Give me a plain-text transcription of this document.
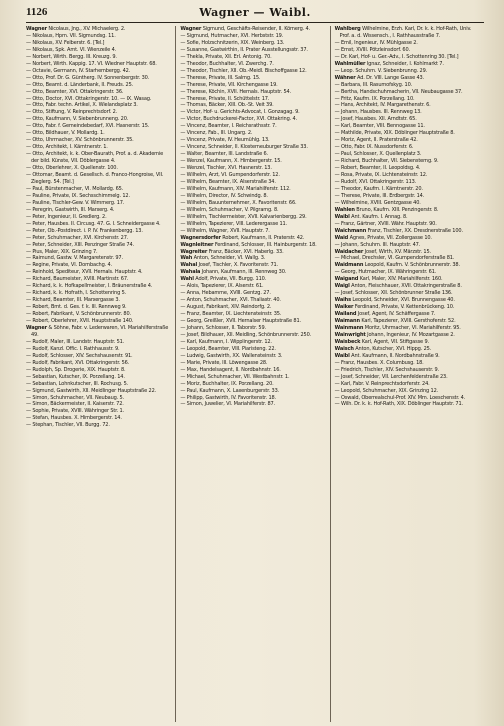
1126	Wagner — Waibl.

Wagner Nicolaus, Jng., XV. Michaelerg. 2.

— Nikolaus, Hpm. VII. Sigmundsg. 11.

— Nikolaus, XV. Felberstr. 6. [Tel.]

— Nikolaus, Spk. Amt. VI. Wienzeile 4.

— Norbert, Wirth. Bergg. III. Kreuzg. 9.

— Norbert, Wirth. Kappig. 17. VI. Wiedner Hauptstr. 68.

— Octavie, Germann, IV. Starhembergg. 42.

— Otto, Prof. Dr. G. Güntherg. IV. Sonnenbergstr. 30.

— Otto, Beamt. d. Länderbank, II. Freuds. 25.

— Otto, Beamter, XVI. Ottakringerstr. 36.

— Otto, Doctor, XVI. Ottakringerstr. 10. — IX. Wasag.

— Otto, Fabr. techn. Artikel, X. Wielandsplatz 3.

— Otto, Stiftung, V. Reinprechtsdorf. 2.

— Otto, Kaufmann, V. Siebenbrunneng. 20.

— Otto, Fabr. f. Gemeindebedarf, XVI. Hasnerstr. 15.

— Otto, Bildhauer, V. Mollardg. 1.

— Otto, Uhrmacher, XV. Schönbrunnerstr. 35.

— Otto, Architekt, I. Kärntnerstr. 1.

— Otto, Architekt, k. k. Ober-Baurath, Prof. a. d. Akademie der bild. Künste, VII. Döblergasse 4.

— Otto, Oberlehrer, X. Quellenstr. 100.

— Ottomar, Beamt. d. Gesellsch. d. Franco-Hongroise, VII. Zieglerg. 54. [Tel.]

— Paul, Bürstenmacher, VI. Mollardg. 65.

— Pauline, Private, IX. Sechsschimmelg. 12.

— Pauline, Tischler-Gew. V. Wimmerg. 17.

— Peregrin, Gastwirth, III. Marxerg. 4.

— Peter, Ingenieur, II. Gredlerg. 2.

— Peter, Hausbes. II. Circusg. 47. G. I. Schneidergasse 4.

— Peter, Ob.-Postdirect. i. P. IV. Frankenbergg. 13.

— Peter, Schuhmacher, XVI. Kirchenstr. 27.

— Peter, Schneider, XIII. Penzinger Straße 74.

— Pius, Maler, XIX. Grinzing 7.

— Raimund, Gastw. V. Margaretenstr. 97.

— Regine, Private, VI. Dornbachg. 4.

— Reinhold, Spediteur, XVII. Hernals. Hauptstr. 4.

— Richard, Baumeister, XVIII. Martinstr. 67.

— Richard, k. k. Hofkapellmeister, I. Bräunerstraße 4.

— Richard, k. k. Hofrath, I. Schottenring 5.

— Richard, Beamter, III. Marxergasse 3.

— Robert, Bmt. d. Ges. f. k. III. Rennweg 9.

— Robert, Fabrikant, V. Schönbrunnerstr. 80.

— Robert, Oberlehrer, XVII. Hauptstraße 140.

Wagner & Söhne, Fabr. v. Lederwaren, VI. Mariahilferstraße 49.

— Rudolf, Maler, III. Landstr. Hauptstr. 51.

— Rudolf, Kanzl. Offic. I. Rathhausstr. 9.

— Rudolf, Schlosser, XIV. Sechshauserstr. 91.

— Rudolf, Fabrikant, XVI. Ottakringerstr. 56.

— Rudolph, Sp. Drogerie, XIX. Hauptstr. 8.

— Sebastian, Kutscher, IX. Porzellang. 14.

— Sebastian, Lohnkutscher, III. Rochusg. 5.

— Sigmund, Gastwirth, XII. Meidlinger Hauptstraße 22.

— Simon, Schuhmacher, VII. Neubaug. 5.

— Simon, Bäckermeister, II. Kaiserstr. 72.

— Sophie, Private, XVIII. Währinger Str. 1.

— Stefan, Hausbes. X. Himbergerstr. 14.

— Stephan, Tischler, VII. Burgg. 72.

Wagner Sigmund, Geschäfts-Reisender, II. Körnerg. 4.

— Sigmund, Hutmacher, XVI. Herbststr. 19.

— Sofie, Holzschnitzerin, XIX. Weinberg. 13.

— Susanne, Gastwirthin, II. Prater Ausstellungsstr. 37.

— Thekla, Private, XII. Erl. Antonig. 70.

— Theodor, Buchhalter, VI. Zwerchg. 7.

— Theodor, Tischler, XII. Ob.-Meidl. Bischoffgasse 12.

— Therese, Private, III. Salmg. 15.

— Therese, Private, VII. Kirchengasse 19.

— Therese, Köchin, XVII. Hernals. Hauptstr. 54.

— Therese, Private, II. Schüttelstr. 17.

— Thomas, Bäcker, XIII. Ob.-St. Veit 39.

— Victor, Hof- u. Gerichts-Advocat, I. Gonzagag. 9.

— Victor, Buchdruckerei-Factor, XVI. Ottakring. 4.

— Vincenz, Beamter, I. Reichsrathsstr. 7.

— Vincenz, Fab., III. Ungarg. 2.

— Vincenz, Private, IV. Heumühlg. 13.

— Vincenz, Schneider, II. Klosterneuburger Straße 33.

— Walter, Beamter, III. Landstraße 6.

— Wenzel, Kaufmann, X. Himbergerstr. 15.

— Wenzel, Tischler, XVI. Hasnerstr. 13.

— Wilhelm, Arzt, VI. Gumpendorferstr. 12.

— Wilhelm, Beamter, IX. Alserstraße 34.

— Wilhelm, Kaufmann, XIV. Mariahilferstr. 112.

— Wilhelm, Director, IV. Schwindg. 8.

— Wilhelm, Bauunternehmer, X. Favoritenstr. 66.

— Wilhelm, Schuhmacher, V. Pilgramg. 8.

— Wilhelm, Tischlermeister, XVII. Kalvarienbergg. 29.

— Wilhelm, Tapezierer, VIII. Lederergasse 11.

— Wilhelm, Wagner, XVII. Hauptstr. 7.

Wagnersdorfer Robert, Kaufmann, II. Praterstr. 42.

Wagnleitner Ferdinand, Schlosser, III. Hainburgerstr. 18.

Wagreiter Franz, Bäcker, XVI. Haberlg. 33.

Wah Anton, Schneider, VI. Wallg. 3.

Wahal Josef, Tischler, X. Favoritenstr. 71.

Wahala Johann, Kaufmann, III. Rennweg 30.

Wahl Adolf, Private, VII. Burgg. 110.

— Alois, Tapezierer, IX. Alserstr. 61.

— Anna, Hebamme, XVIII. Gentzg. 27.

— Anton, Schuhmacher, XVI. Thaliastr. 40.

— August, Fabrikant, XIV. Reindorfg. 2.

— Franz, Beamter, IX. Liechtensteinstr. 35.

— Georg, Greißler, XVII. Hernalser Hauptstraße 81.

— Johann, Schlosser, II. Taborstr. 59.

— Josef, Bildhauer, XII. Meidling, Schönbrunnerstr. 250.

— Karl, Kaufmann, I. Wipplingerstr. 12.

— Leopold, Beamter, VIII. Piaristeng. 22.

— Ludwig, Gastwirth, XX. Wallensteinstr. 3.

— Marie, Private, III. Löwengasse 28.

— Max, Handelsagent, II. Nordbahnstr. 16.

— Michael, Schuhmacher, VII. Westbahnstr. 1.

— Moriz, Buchhalter, IX. Porzellang. 20.

— Paul, Kaufmann, X. Laxenburgerstr. 33.

— Philipp, Gastwirth, IV. Favoritenstr. 18.

— Simon, Juwelier, VI. Mariahilferstr. 87.

Wahlberg Wilhelmine, Erzh. Karl, Dr. k. k. Hof-Rath, Univ. Prof. a. d. Wissensch., I. Rathhausstraße 7.

— Emil, Ingenieur, IV. Mühlgasse 2.

— Ernst, XVIII. Pötzleinsdorf. 60.

— Dr. Karl, Hof- u. Ger.-Adv., I. Schottenring 30. [Tel.]

Wahlmüller Ignaz, Schneider, I. Kohlmarkt 7.

— Leop. Schuhm. V. Siebenbrunng. 29.

Wähner Ad. Dr. VIII. Lange Gasse 43.

— Barbara, III. Rasumofskyg. 10.

— Bertha, Handschuhmacherin, VII. Neubaugasse 37.

— Fritz, Kaufm. IX. Porzellang. 10.

— Hans, Architekt, IV. Margarethenstr. 6.

— Johann, Hausbes. III. Rennweg 13.

— Josef, Hausbes. XII. Arndtstr. 65.

— Karl, Beamter, VIII. Bennogasse 11.

— Mathilde, Private, XIX. Döblinger Hauptstraße 8.

— Moriz, Agent, II. Praterstraße 42.

— Otto, Fabr. IX. Nussdorferstr. 6.

— Paul, Schlosser, X. Quellenplatz 3.

— Richard, Buchhalter, VII. Siebensterng. 9.

— Robert, Beamter, II. Leopoldsg. 4.

— Rosa, Private, IX. Lichtensteinstr. 12.

— Rudolf, XVI. Ottakringerstr. 113.

— Theodor, Kaufm. I. Kärntnerstr. 20.

— Therese, Private, III. Erdbergstr. 14.

— Wilhelmine, XVIII. Gentzgasse 40.

Wahlen Bruno, Kaufm. XIII. Penzingerstr. 8.

Waibl Ant. Kaufm. I. Annag. 8.

— Franz, Gärtner, XVIII. Währ. Hauptstr. 90.

Waichmann Franz, Tischler, XX. Dresdnerstraße 100.

Waid Agnes, Private, VII. Zollergasse 10.

— Johann, Schuhm. III. Hauptstr. 47.

Waidacher Josef, Wirth, XV. Märzstr. 15.

— Michael, Drechsler, VI. Gumpendorferstraße 81.

Waidmann Leopold, Kaufm. V. Schönbrunnerstr. 38.

— Georg, Hutmacher, IX. Währingerstr. 61.

Waigand Karl, Maler, XIV. Mariahilferstr. 160.

Waigl Anton, Fleischhauer, XVII. Ottakringerstraße 8.

— Josef, Schlosser, XII. Schönbrunner Straße 136.

Waihs Leopold, Schneider, XVI. Brunnengasse 40.

Waiker Ferdinand, Private, V. Kettenbrückeng. 10.

Wailand Josef, Agent, IV. Schäffergasse 7.

Waimann Karl, Tapezierer, XVIII. Gersthoferstr. 52.

Wainmann Moritz, Uhrmacher, VI. Mariahilferstr. 95.

Wainwright Johann, Ingenieur, IV. Mozartgasse 2.

Waisbeck Karl, Agent, VII. Stiftgasse 9.

Waisch Anton, Kutscher, XVI. Hippg. 25.

Waibl Ant. Kaufmann, II. Nordbahnstraße 9.

— Franz, Hausbes. X. Columbusg. 18.

— Friedrich, Tischler, XIV. Sechshauserstr. 9.

— Josef, Schneider, VII. Lerchenfelderstraße 23.

— Karl, Fabr. V. Reinprechtsdorferstr. 24.

— Leopold, Schuhmacher, XIX. Grinzing 12.

— Oswald, Oberrealschul-Prof. XIV. Mm. Loeschenstr. 4.

— Wilh. Dr. k. k. Hof-Rath, XIX. Döblinger Hauptstr. 71.
